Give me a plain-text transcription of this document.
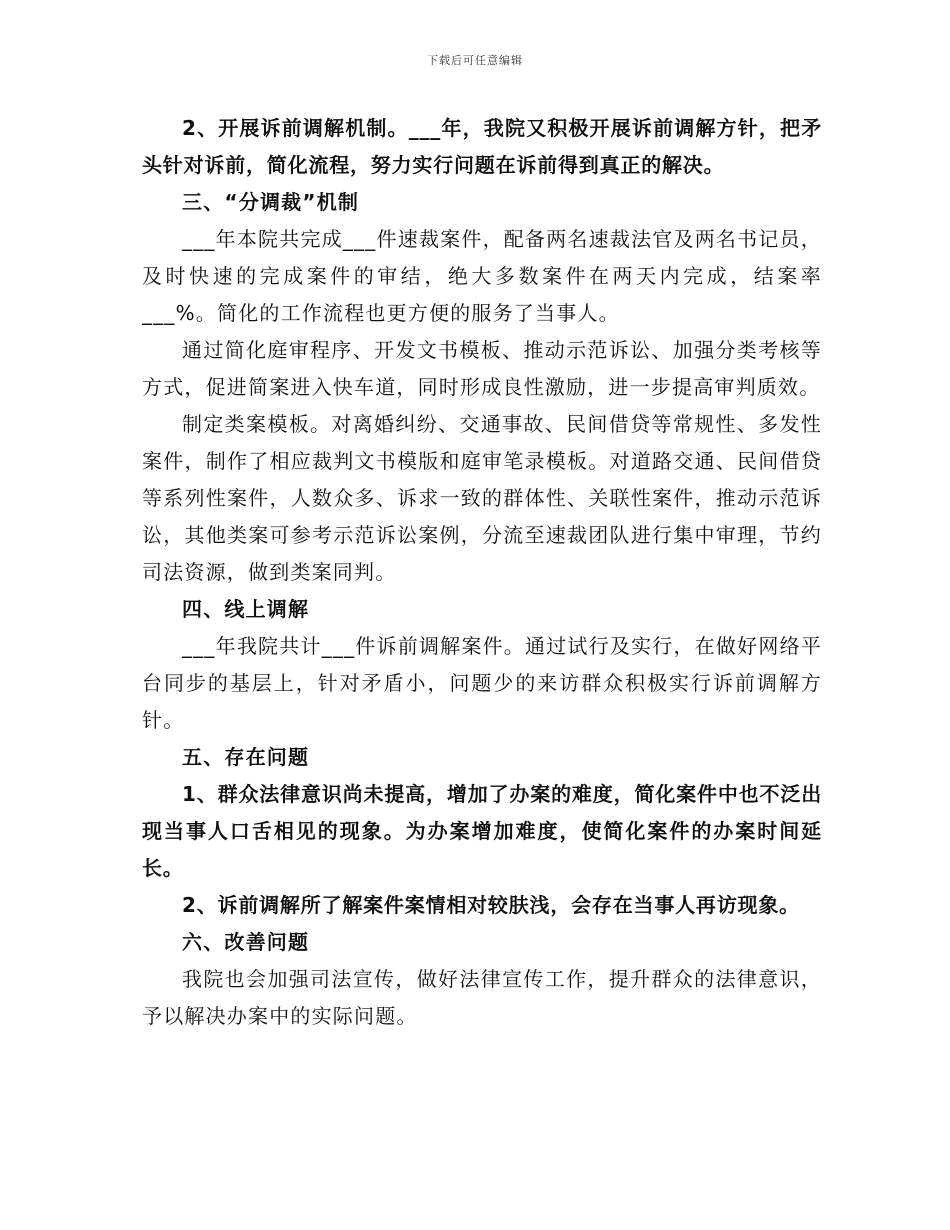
下载后可任意编辑

2、开展诉前调解机制。___年，我院又积极开展诉前调解方针，把矛头针对诉前，简化流程，努力实行问题在诉前得到真正的解决。

三、“分调裁”机制

___年本院共完成___件速裁案件，配备两名速裁法官及两名书记员，及时快速的完成案件的审结，绝大多数案件在两天内完成，结案率___%。简化的工作流程也更方便的服务了当事人。

通过简化庭审程序、开发文书模板、推动示范诉讼、加强分类考核等方式，促进简案进入快车道，同时形成良性激励，进一步提高审判质效。

制定类案模板。对离婚纠纷、交通事故、民间借贷等常规性、多发性案件，制作了相应裁判文书模版和庭审笔录模板。对道路交通、民间借贷等系列性案件，人数众多、诉求一致的群体性、关联性案件，推动示范诉讼，其他类案可参考示范诉讼案例，分流至速裁团队进行集中审理，节约司法资源，做到类案同判。

四、线上调解

___年我院共计___件诉前调解案件。通过试行及实行，在做好网络平台同步的基层上，针对矛盾小，问题少的来访群众积极实行诉前调解方针。

五、存在问题

1、群众法律意识尚未提高，增加了办案的难度，简化案件中也不泛出现当事人口舌相见的现象。为办案增加难度，使简化案件的办案时间延长。

2、诉前调解所了解案件案情相对较肤浅，会存在当事人再访现象。

六、改善问题

我院也会加强司法宣传，做好法律宣传工作，提升群众的法律意识，予以解决办案中的实际问题。
